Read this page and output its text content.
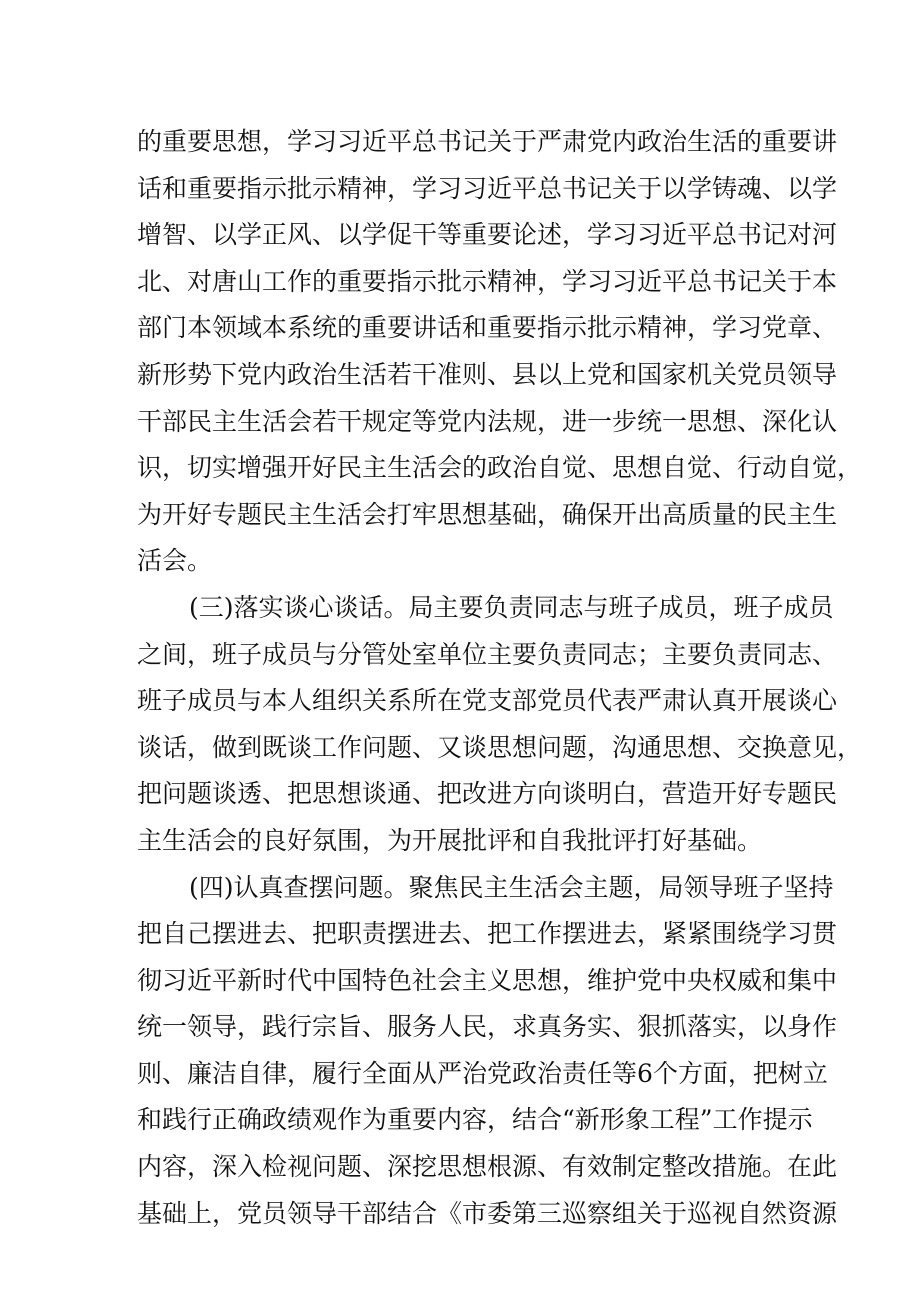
的重要思想，学习习近平总书记关于严肃党内政治生活的重要讲
话和重要指示批示精神，学习习近平总书记关于以学铸魂、以学
增智、以学正风、以学促干等重要论述，学习习近平总书记对河
北、对唐山工作的重要指示批示精神，学习习近平总书记关于本
部门本领域本系统的重要讲话和重要指示批示精神，学习党章、
新形势下党内政治生活若干准则、县以上党和国家机关党员领导
干部民主生活会若干规定等党内法规，进一步统一思想、深化认
识，切实增强开好民主生活会的政治自觉、思想自觉、行动自觉，
为开好专题民主生活会打牢思想基础，确保开出高质量的民主生
活会。
(三)落实谈心谈话。局主要负责同志与班子成员，班子成员
之间，班子成员与分管处室单位主要负责同志；主要负责同志、
班子成员与本人组织关系所在党支部党员代表严肃认真开展谈心
谈话，做到既谈工作问题、又谈思想问题，沟通思想、交换意见，
把问题谈透、把思想谈通、把改进方向谈明白，营造开好专题民
主生活会的良好氛围，为开展批评和自我批评打好基础。
(四)认真查摆问题。聚焦民主生活会主题，局领导班子坚持
把自己摆进去、把职责摆进去、把工作摆进去，紧紧围绕学习贯
彻习近平新时代中国特色社会主义思想，维护党中央权威和集中
统一领导，践行宗旨、服务人民，求真务实、狠抓落实，以身作
则、廉洁自律，履行全面从严治党政治责任等6个方面，把树立
和践行正确政绩观作为重要内容，结合“新形象工程”工作提示
内容，深入检视问题、深挖思想根源、有效制定整改措施。在此
基础上，党员领导干部结合《市委第三巡察组关于巡视自然资源
